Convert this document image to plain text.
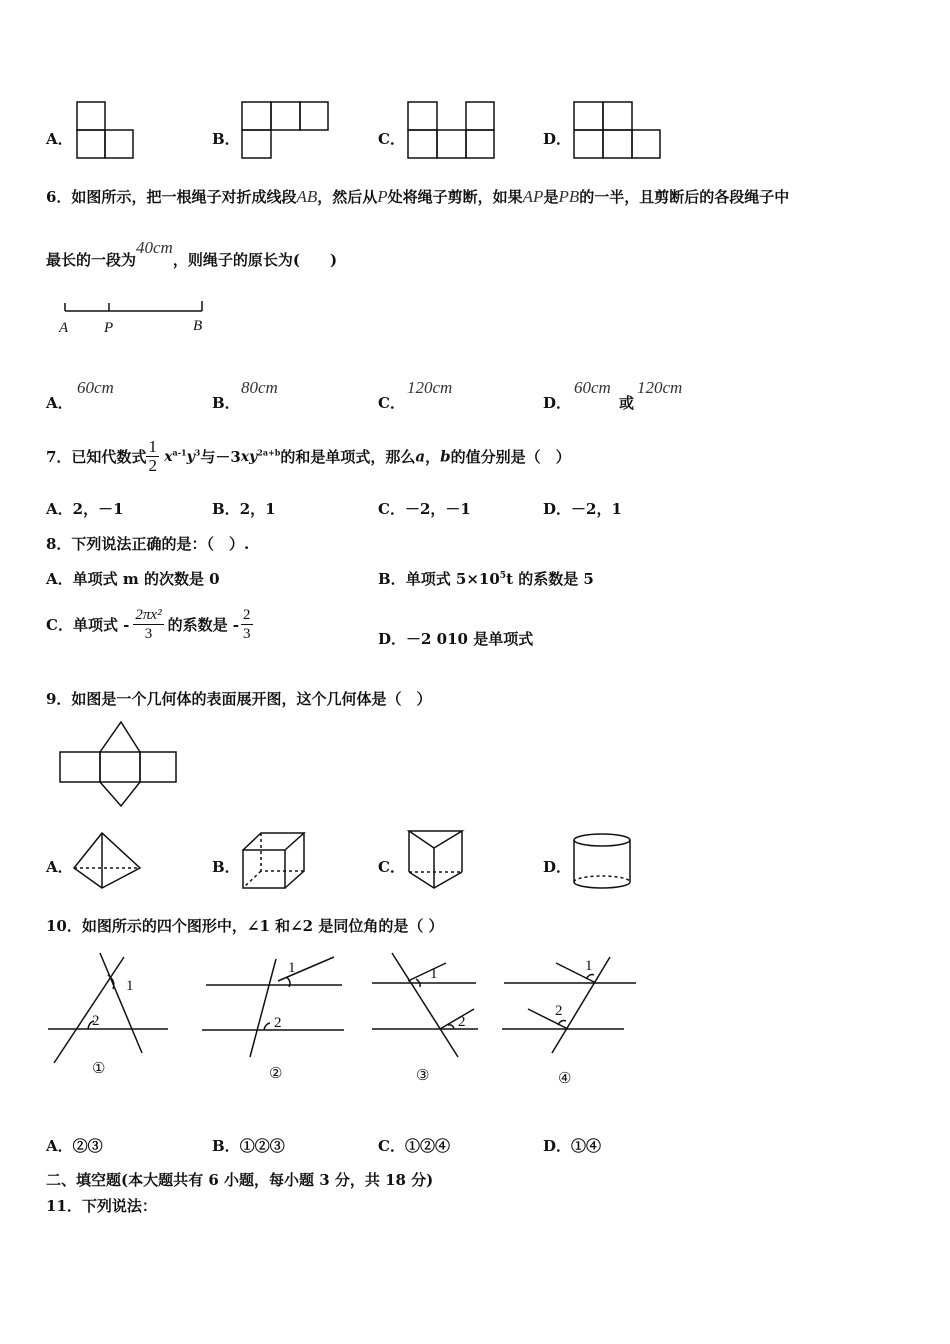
A．	B．	C．	D．
6．如图所示，把一根绳子对折成线段AB，然后从P处将绳子剪断，如果AP是PB的一半，且剪断后的各段绳子中
最长的一段为40cm，则绳子的原长为(　　)
A P	B
A．
60cm
B．
80cm
C．
120cm
D．
60cm
或
120cm
7．已知代数式 $\frac{1}{2} x^{a-1}y^3$与$-3xy^{2a+b}$的和是单项式，那么a，b的值分别是（　）
A．2，－1	B．2，1	C．－2，－1	D．－2，1
8．下列说法正确的是：（　）.
A．单项式 m 的次数是 0	B．单项式 $5\times 10^5t$ 的系数是 5
C．单项式 - $\frac{\text{2πx²}}{3}$ 的系数是 - $\frac{2}{3}$	D．－2 010 是单项式
9．如图是一个几何体的表面展开图，这个几何体是（　）
A．	B．	C．	D．
10．如图所示的四个图形中，∠1 和∠2 是同位角的是（ ）
1
2
①
1
2
②
1
2
③
1
2
④
A．②③	B．①②③	C．①②④	D．①④
二、填空题(本大题共有 6 小题，每小题 3 分，共 18 分)
11．下列说法：
